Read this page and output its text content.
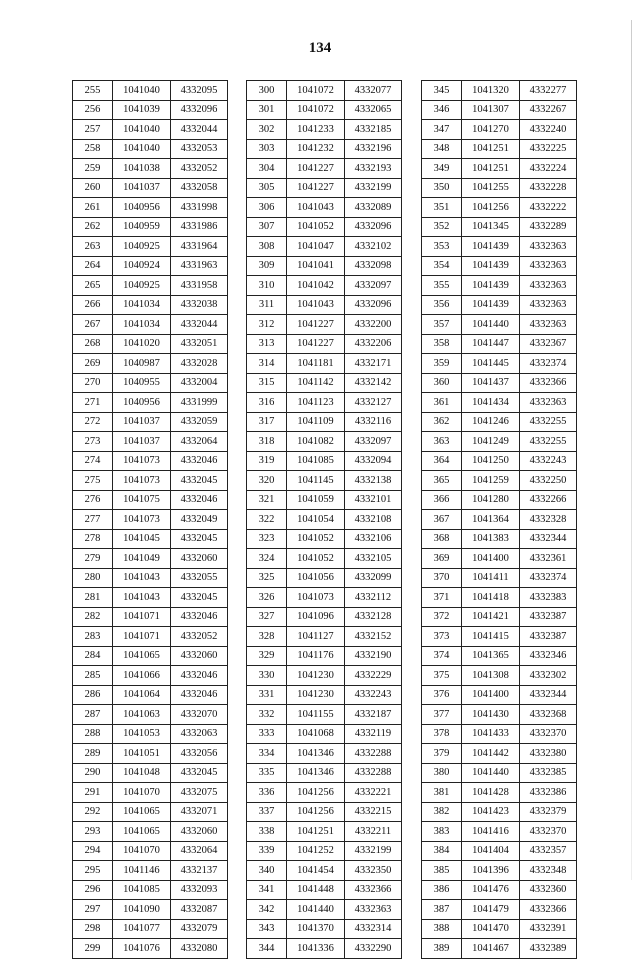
134
255	1041040	4332095
256	1041039	4332096
257	1041040	4332044
258	1041040	4332053
259	1041038	4332052
260	1041037	4332058
261	1040956	4331998
262	1040959	4331986
263	1040925	4331964
264	1040924	4331963
265	1040925	4331958
266	1041034	4332038
267	1041034	4332044
268	1041020	4332051
269	1040987	4332028
270	1040955	4332004
271	1040956	4331999
272	1041037	4332059
273	1041037	4332064
274	1041073	4332046
275	1041073	4332045
276	1041075	4332046
277	1041073	4332049
278	1041045	4332045
279	1041049	4332060
280	1041043	4332055
281	1041043	4332045
282	1041071	4332046
283	1041071	4332052
284	1041065	4332060
285	1041066	4332046
286	1041064	4332046
287	1041063	4332070
288	1041053	4332063
289	1041051	4332056
290	1041048	4332045
291	1041070	4332075
292	1041065	4332071
293	1041065	4332060
294	1041070	4332064
295	1041146	4332137
296	1041085	4332093
297	1041090	4332087
298	1041077	4332079
299	1041076	4332080
300	1041072	4332077
301	1041072	4332065
302	1041233	4332185
303	1041232	4332196
304	1041227	4332193
305	1041227	4332199
306	1041043	4332089
307	1041052	4332096
308	1041047	4332102
309	1041041	4332098
310	1041042	4332097
311	1041043	4332096
312	1041227	4332200
313	1041227	4332206
314	1041181	4332171
315	1041142	4332142
316	1041123	4332127
317	1041109	4332116
318	1041082	4332097
319	1041085	4332094
320	1041145	4332138
321	1041059	4332101
322	1041054	4332108
323	1041052	4332106
324	1041052	4332105
325	1041056	4332099
326	1041073	4332112
327	1041096	4332128
328	1041127	4332152
329	1041176	4332190
330	1041230	4332229
331	1041230	4332243
332	1041155	4332187
333	1041068	4332119
334	1041346	4332288
335	1041346	4332288
336	1041256	4332221
337	1041256	4332215
338	1041251	4332211
339	1041252	4332199
340	1041454	4332350
341	1041448	4332366
342	1041440	4332363
343	1041370	4332314
344	1041336	4332290
345	1041320	4332277
346	1041307	4332267
347	1041270	4332240
348	1041251	4332225
349	1041251	4332224
350	1041255	4332228
351	1041256	4332222
352	1041345	4332289
353	1041439	4332363
354	1041439	4332363
355	1041439	4332363
356	1041439	4332363
357	1041440	4332363
358	1041447	4332367
359	1041445	4332374
360	1041437	4332366
361	1041434	4332363
362	1041246	4332255
363	1041249	4332255
364	1041250	4332243
365	1041259	4332250
366	1041280	4332266
367	1041364	4332328
368	1041383	4332344
369	1041400	4332361
370	1041411	4332374
371	1041418	4332383
372	1041421	4332387
373	1041415	4332387
374	1041365	4332346
375	1041308	4332302
376	1041400	4332344
377	1041430	4332368
378	1041433	4332370
379	1041442	4332380
380	1041440	4332385
381	1041428	4332386
382	1041423	4332379
383	1041416	4332370
384	1041404	4332357
385	1041396	4332348
386	1041476	4332360
387	1041479	4332366
388	1041470	4332391
389	1041467	4332389
